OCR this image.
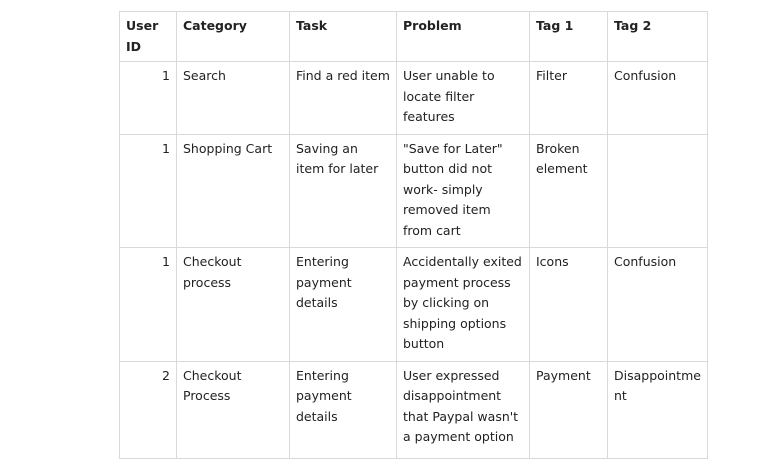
User ID	Category	Task	Problem	Tag 1	Tag 2
1	Search	Find a red item	User unable to locate filter features	Filter	Confusion
1	Shopping Cart	Saving an item for later	"Save for Later" button did not work- simply removed item from cart	Broken element	
1	Checkout process	Entering payment details	Accidentally exited payment process by clicking on shipping options button	Icons	Confusion
2	Checkout Process	Entering payment details	User expressed disappointment that Paypal wasn't a payment option	Payment	Disappointment
